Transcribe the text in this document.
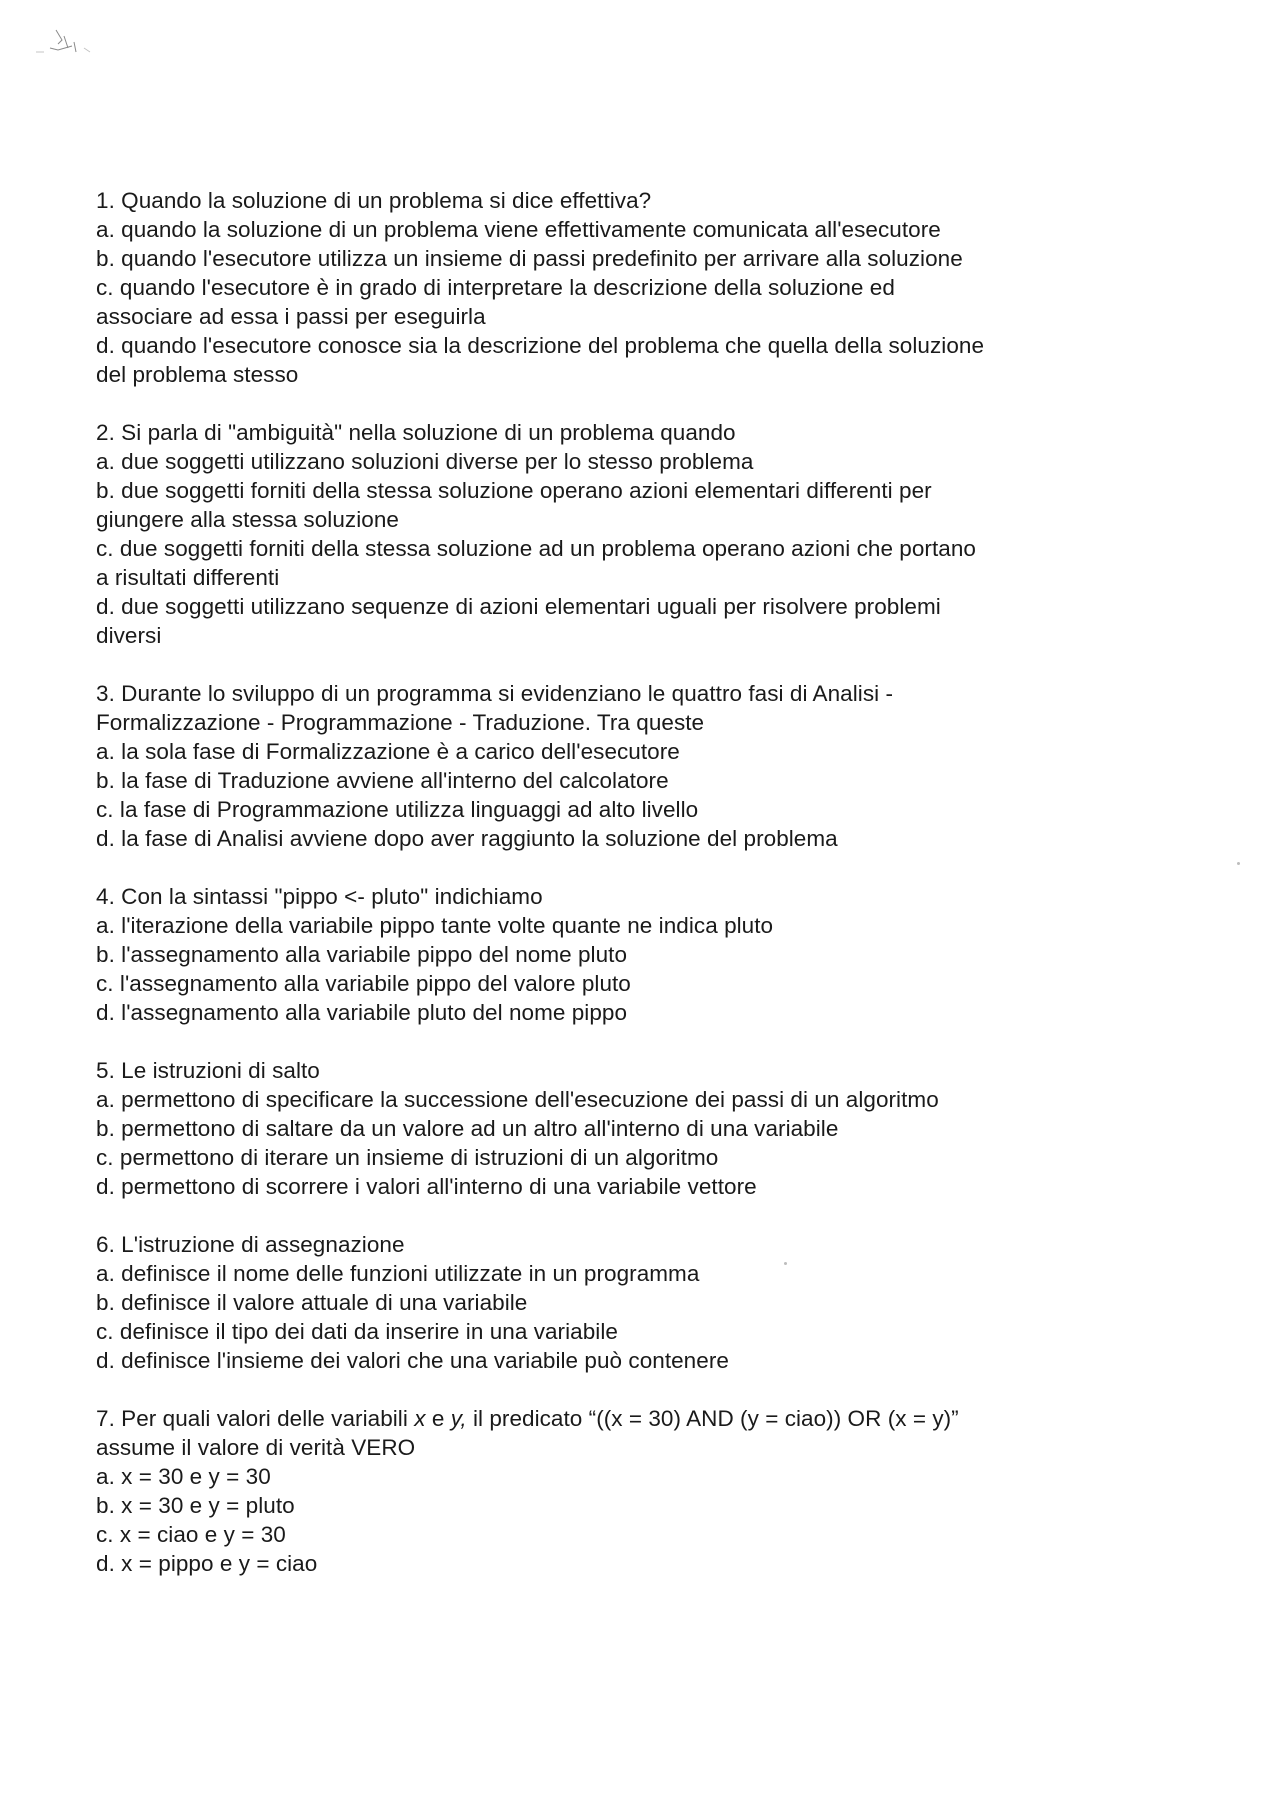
1. Quando la soluzione di un problema si dice effettiva?
a. quando la soluzione di un problema viene effettivamente comunicata all'esecutore
b. quando l'esecutore utilizza un insieme di passi predefinito per arrivare alla soluzione
c. quando l'esecutore è in grado di interpretare la descrizione della soluzione ed
associare ad essa i passi per eseguirla
d. quando l'esecutore conosce sia la descrizione del problema che quella della soluzione
del problema stesso
2. Si parla di "ambiguità" nella soluzione di un problema quando
a. due soggetti utilizzano soluzioni diverse per lo stesso problema
b. due soggetti forniti della stessa soluzione operano azioni elementari differenti per
giungere alla stessa soluzione
c. due soggetti forniti della stessa soluzione ad un problema operano azioni che portano
a risultati differenti
d. due soggetti utilizzano sequenze di azioni elementari uguali per risolvere problemi
diversi
3. Durante lo sviluppo di un programma si evidenziano le quattro fasi di Analisi -
Formalizzazione - Programmazione - Traduzione. Tra queste
a. la sola fase di Formalizzazione è a carico dell'esecutore
b. la fase di Traduzione avviene all'interno del calcolatore
c. la fase di Programmazione utilizza linguaggi ad alto livello
d. la fase di Analisi avviene dopo aver raggiunto la soluzione del problema
4. Con la sintassi "pippo <- pluto" indichiamo
a. l'iterazione della variabile pippo tante volte quante ne indica pluto
b. l'assegnamento alla variabile pippo del nome pluto
c. l'assegnamento alla variabile pippo del valore pluto
d. l'assegnamento alla variabile pluto del nome pippo
5. Le istruzioni di salto
a. permettono di specificare la successione dell'esecuzione dei passi di un algoritmo
b. permettono di saltare da un valore ad un altro all'interno di una variabile
c. permettono di iterare un insieme di istruzioni di un algoritmo
d. permettono di scorrere i valori all'interno di una variabile vettore
6. L'istruzione di assegnazione
a. definisce il nome delle funzioni utilizzate in un programma
b. definisce il valore attuale di una variabile
c. definisce il tipo dei dati da inserire in una variabile
d. definisce l'insieme dei valori che una variabile può contenere
7. Per quali valori delle variabili x e y, il predicato “((x = 30) AND (y = ciao)) OR (x = y)”
assume il valore di verità VERO
a. x = 30 e y = 30
b. x = 30 e y = pluto
c. x = ciao e y = 30
d. x = pippo e y = ciao
